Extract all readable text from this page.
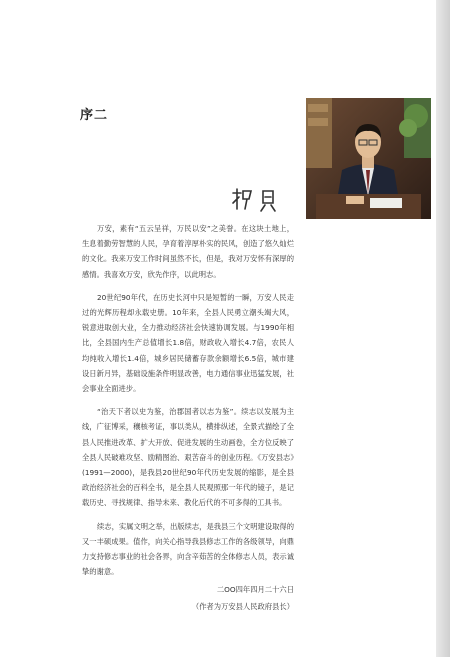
序二

万安，素有“五云呈祥，万民以安”之美誉。在这块土地上，生息着勤劳智慧的人民，孕育着淳厚朴实的民风，创造了悠久灿烂的文化。我来万安工作时间虽然不长，但是，我对万安怀有深厚的感情。我喜欢万安，欣先作序，以此明志。

20世纪90年代，在历史长河中只是短暂的一瞬，万安人民走过的光辉历程却永载史册。10年来，全县人民勇立潮头竭大风，锐意进取创大业，全力推动经济社会快速协调发展。与1990年相比，全县国内生产总值增长1.8倍，财政收入增长4.7倍，农民人均纯收入增长1.4倍，城乡居民储蓄存款余额增长6.5倍，城市建设日新月异，基础设施条件明显改善，电力通信事业迅猛发展，社会事业全面进步。

“治天下者以史为鉴，治郡国者以志为鉴”。续志以发展为主线，广征博采，穰核考证，事以类从，横排纵述，全景式描绘了全县人民推进改革、扩大开放、促进发展的生动画卷，全方位反映了全县人民破难攻坚、励精图治、艰苦奋斗的创业历程。《万安县志》(1991—2000)，是我县20世纪90年代历史发展的缩影，是全县政治经济社会的百科全书，是全县人民观照那一年代的镜子，是记载历史、寻找规律、指导未来、教化后代的不可多得的工具书。

续志，实属文明之举，出版续志，是我县三个文明建设取得的又一丰硕成果。值作，向关心指导我县修志工作的各级领导，向鼎力支持修志事业的社会各界，向含辛茹苦的全体修志人员，表示诚挚的谢意。

二OO四年四月二十六日
（作者为万安县人民政府县长）
